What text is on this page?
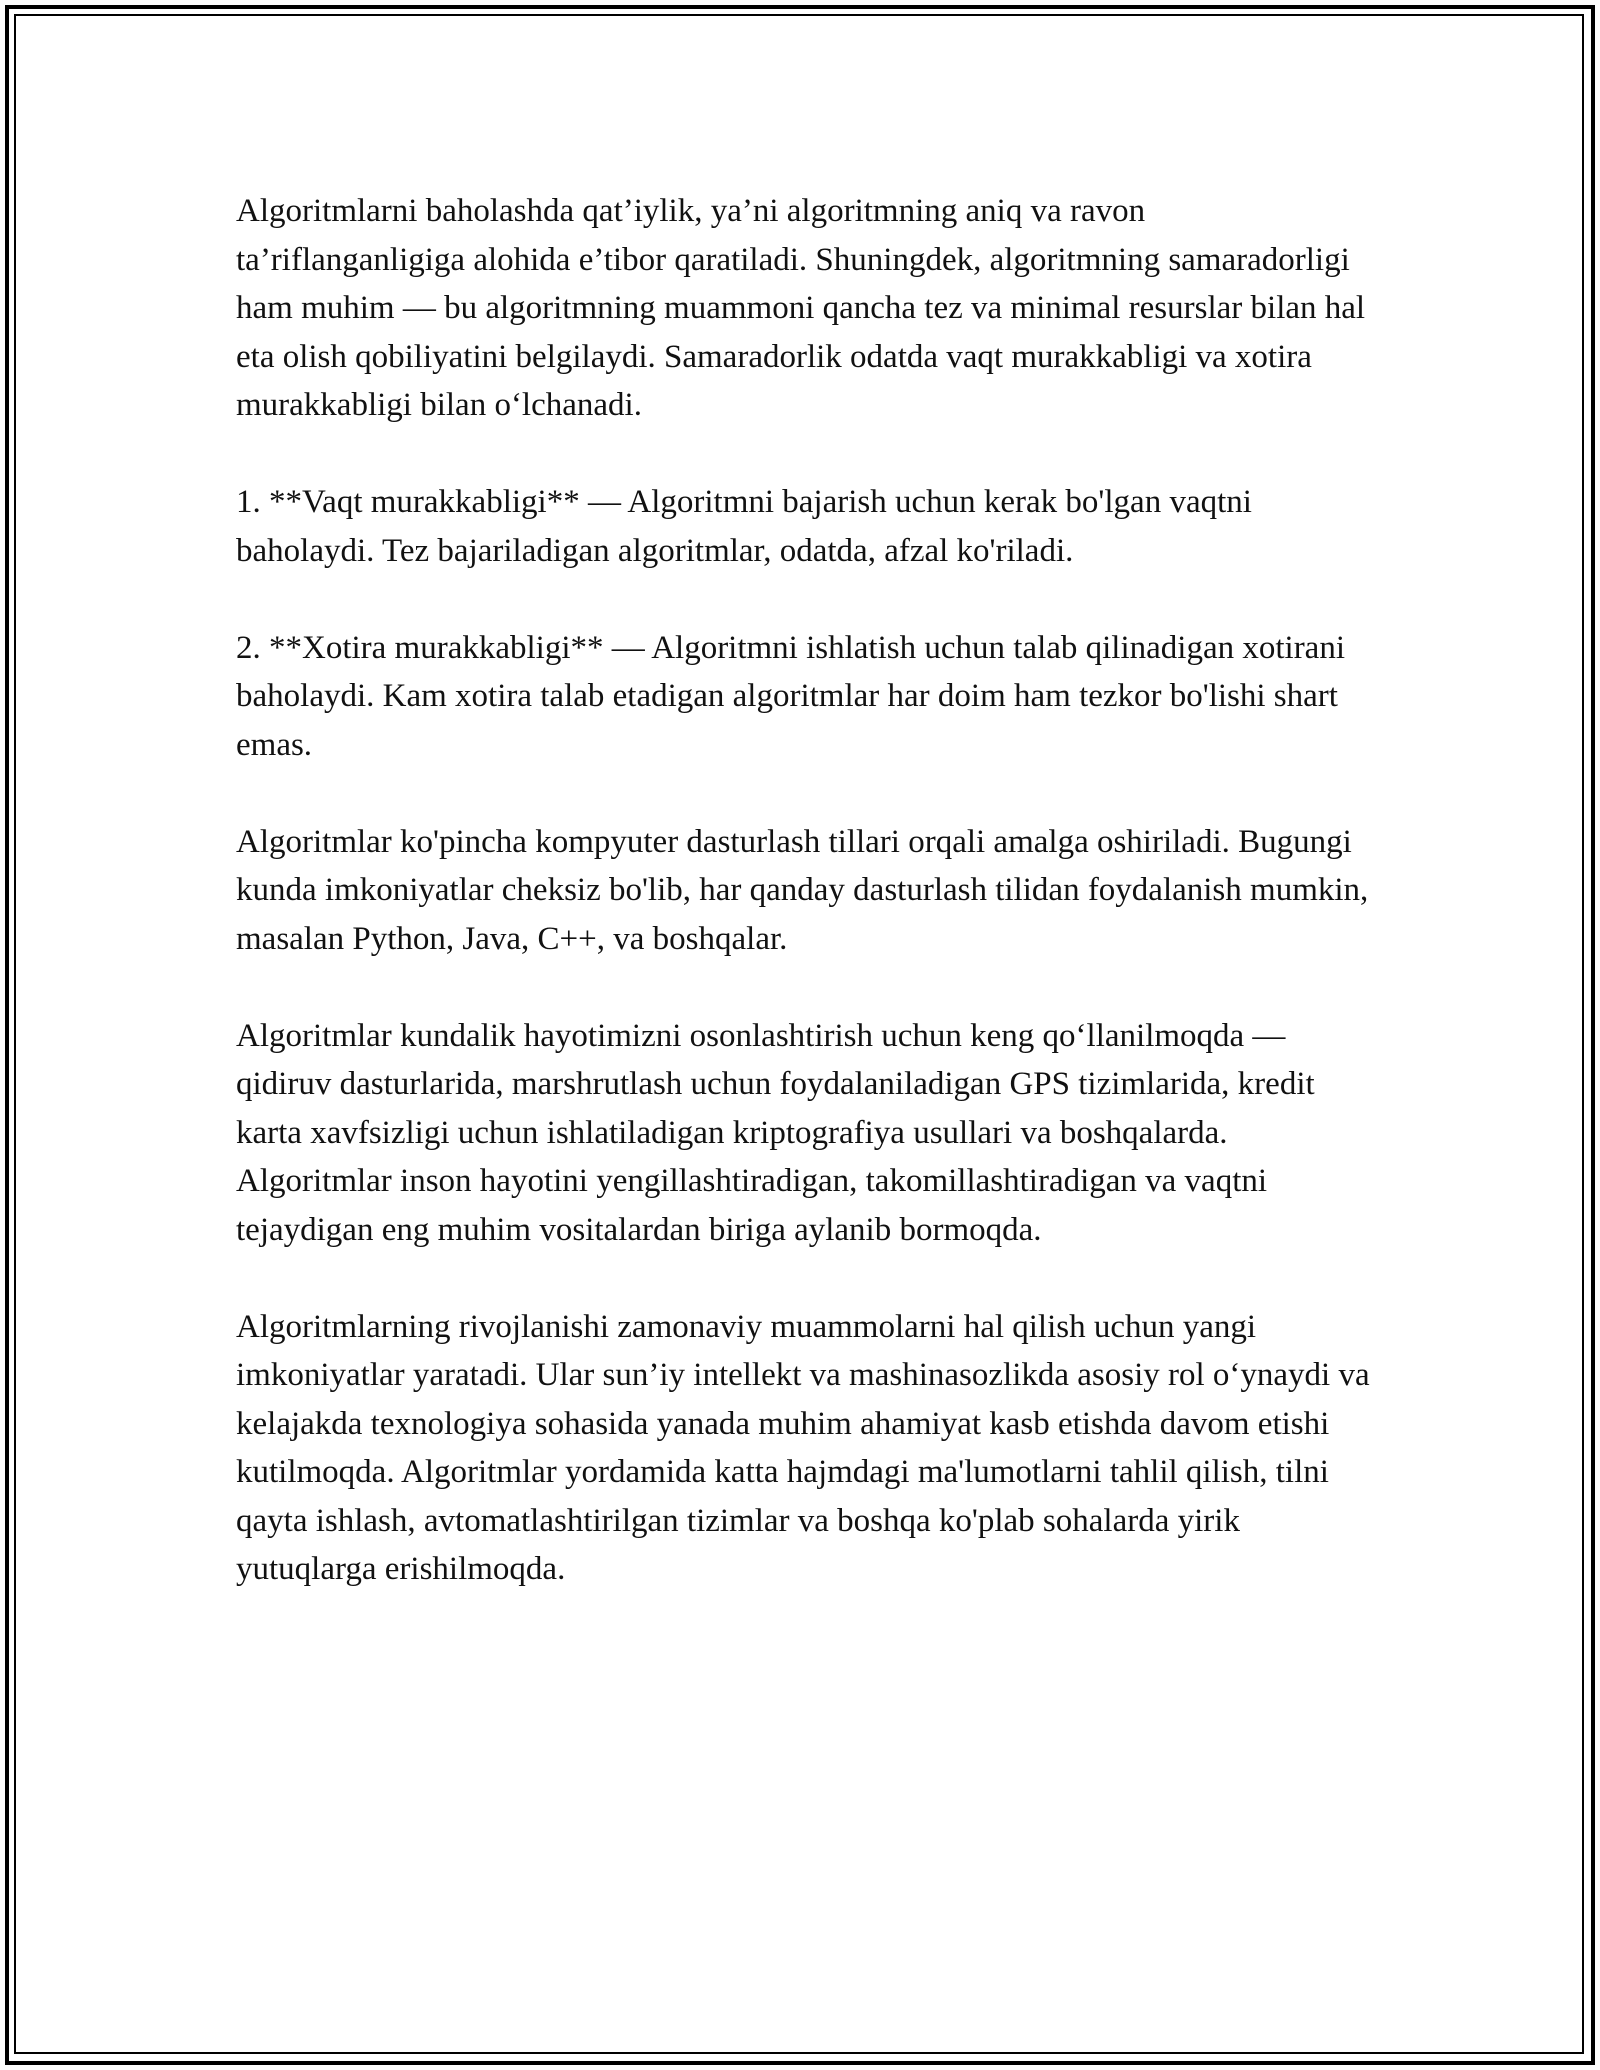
Algoritmlarni baholashda qat’iylik, ya’ni algoritmning aniq va ravon ta’riflanganligiga alohida e’tibor qaratiladi. Shuningdek, algoritmning samaradorligi ham muhim — bu algoritmning muammoni qancha tez va minimal resurslar bilan hal eta olish qobiliyatini belgilaydi. Samaradorlik odatda vaqt murakkabligi va xotira murakkabligi bilan o‘lchanadi.

1. **Vaqt murakkabligi** — Algoritmni bajarish uchun kerak bo'lgan vaqtni baholaydi. Tez bajariladigan algoritmlar, odatda, afzal ko'riladi.

2. **Xotira murakkabligi** — Algoritmni ishlatish uchun talab qilinadigan xotirani baholaydi. Kam xotira talab etadigan algoritmlar har doim ham tezkor bo'lishi shart emas.

Algoritmlar ko'pincha kompyuter dasturlash tillari orqali amalga oshiriladi. Bugungi kunda imkoniyatlar cheksiz bo'lib, har qanday dasturlash tilidan foydalanish mumkin, masalan Python, Java, C++, va boshqalar.

Algoritmlar kundalik hayotimizni osonlashtirish uchun keng qo‘llanilmoqda — qidiruv dasturlarida, marshrutlash uchun foydalaniladigan GPS tizimlarida, kredit karta xavfsizligi uchun ishlatiladigan kriptografiya usullari va boshqalarda. Algoritmlar inson hayotini yengillashtiradigan, takomillashtiradigan va vaqtni tejaydigan eng muhim vositalardan biriga aylanib bormoqda.

Algoritmlarning rivojlanishi zamonaviy muammolarni hal qilish uchun yangi imkoniyatlar yaratadi. Ular sun’iy intellekt va mashinasozlikda asosiy rol o‘ynaydi va kelajakda texnologiya sohasida yanada muhim ahamiyat kasb etishda davom etishi kutilmoqda. Algoritmlar yordamida katta hajmdagi ma'lumotlarni tahlil qilish, tilni qayta ishlash, avtomatlashtirilgan tizimlar va boshqa ko'plab sohalarda yirik yutuqlarga erishilmoqda.
